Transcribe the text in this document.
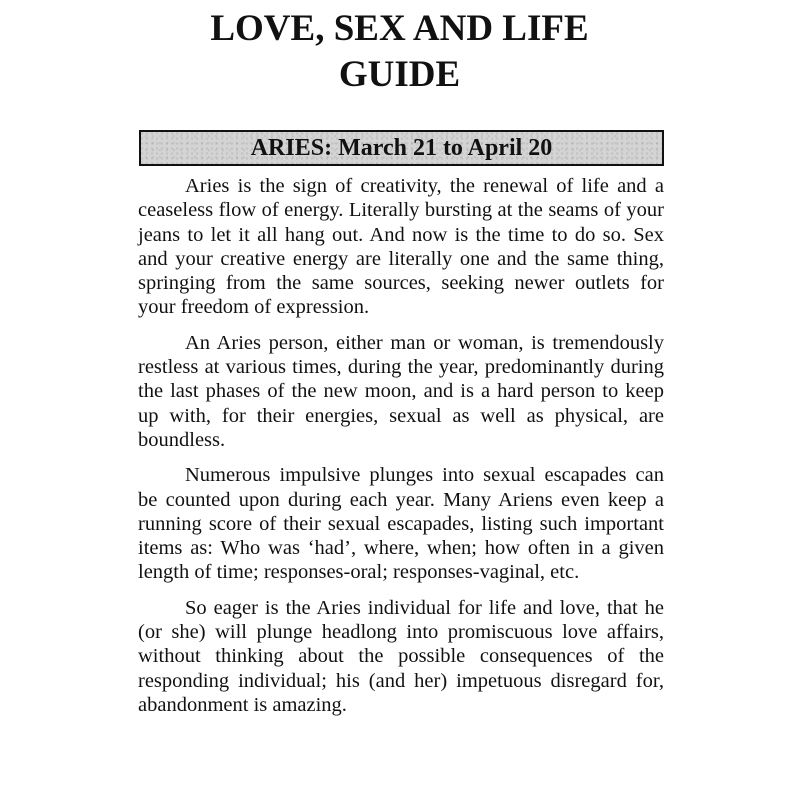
LOVE, SEX AND LIFE
GUIDE
ARIES: March 21 to April 20

Aries is the sign of creativity, the renewal of life and a ceaseless flow of energy. Literally bursting at the seams of your jeans to let it all hang out. And now is the time to do so. Sex and your creative energy are literally one and the same thing, springing from the same sources, seeking newer outlets for your freedom of expression.

An Aries person, either man or woman, is tremendously restless at various times, during the year, predominantly during the last phases of the new moon, and is a hard person to keep up with, for their energies, sexual as well as physical, are boundless.

Numerous impulsive plunges into sexual escapades can be counted upon during each year. Many Ariens even keep a running score of their sexual escapades, listing such important items as: Who was ‘had’, where, when; how often in a given length of time; responses-oral; responses-vaginal, etc.

So eager is the Aries individual for life and love, that he (or she) will plunge headlong into promiscuous love affairs, without thinking about the possible consequences of the responding individual; his (and her) impetuous disregard for, abandonment is amazing.
